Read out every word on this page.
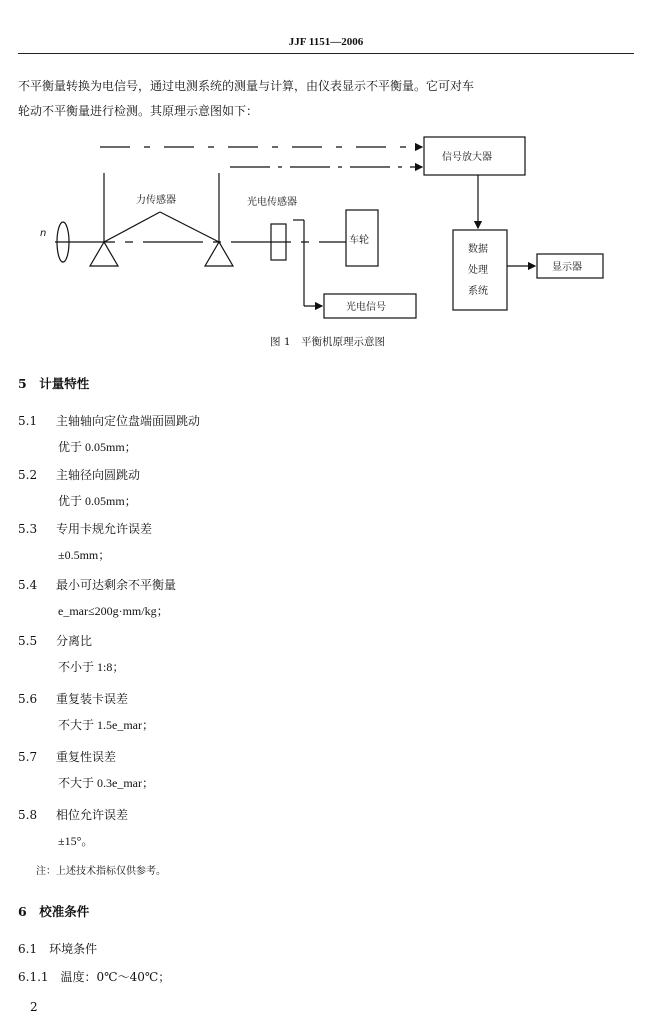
JJF 1151—2006

不平衡量转换为电信号，通过电测系统的测量与计算，由仪表显示不平衡量。它可对车

轮动不平衡量进行检测。其原理示意图如下：

n
力传感器	光电传感器
车轮
光电信号
信号放大器
数据
处理
系统
显示器
图 1　平衡机原理示意图
5　计量特性
5.1 主轴轴向定位盘端面圆跳动
优于 0.05mm；
5.2 主轴径向圆跳动
优于 0.05mm；
5.3 专用卡规允许误差
±0.5mm；
5.4 最小可达剩余不平衡量
e_mar≤200g·mm/kg；
5.5 分离比
不小于 1:8；
5.6 重复装卡误差
不大于 1.5e_mar；
5.7 重复性误差
不大于 0.3e_mar；
5.8 相位允许误差
±15°。
注：上述技术指标仅供参考。
6　校准条件
6.1　环境条件
6.1.1　温度：0℃～40℃；
2
